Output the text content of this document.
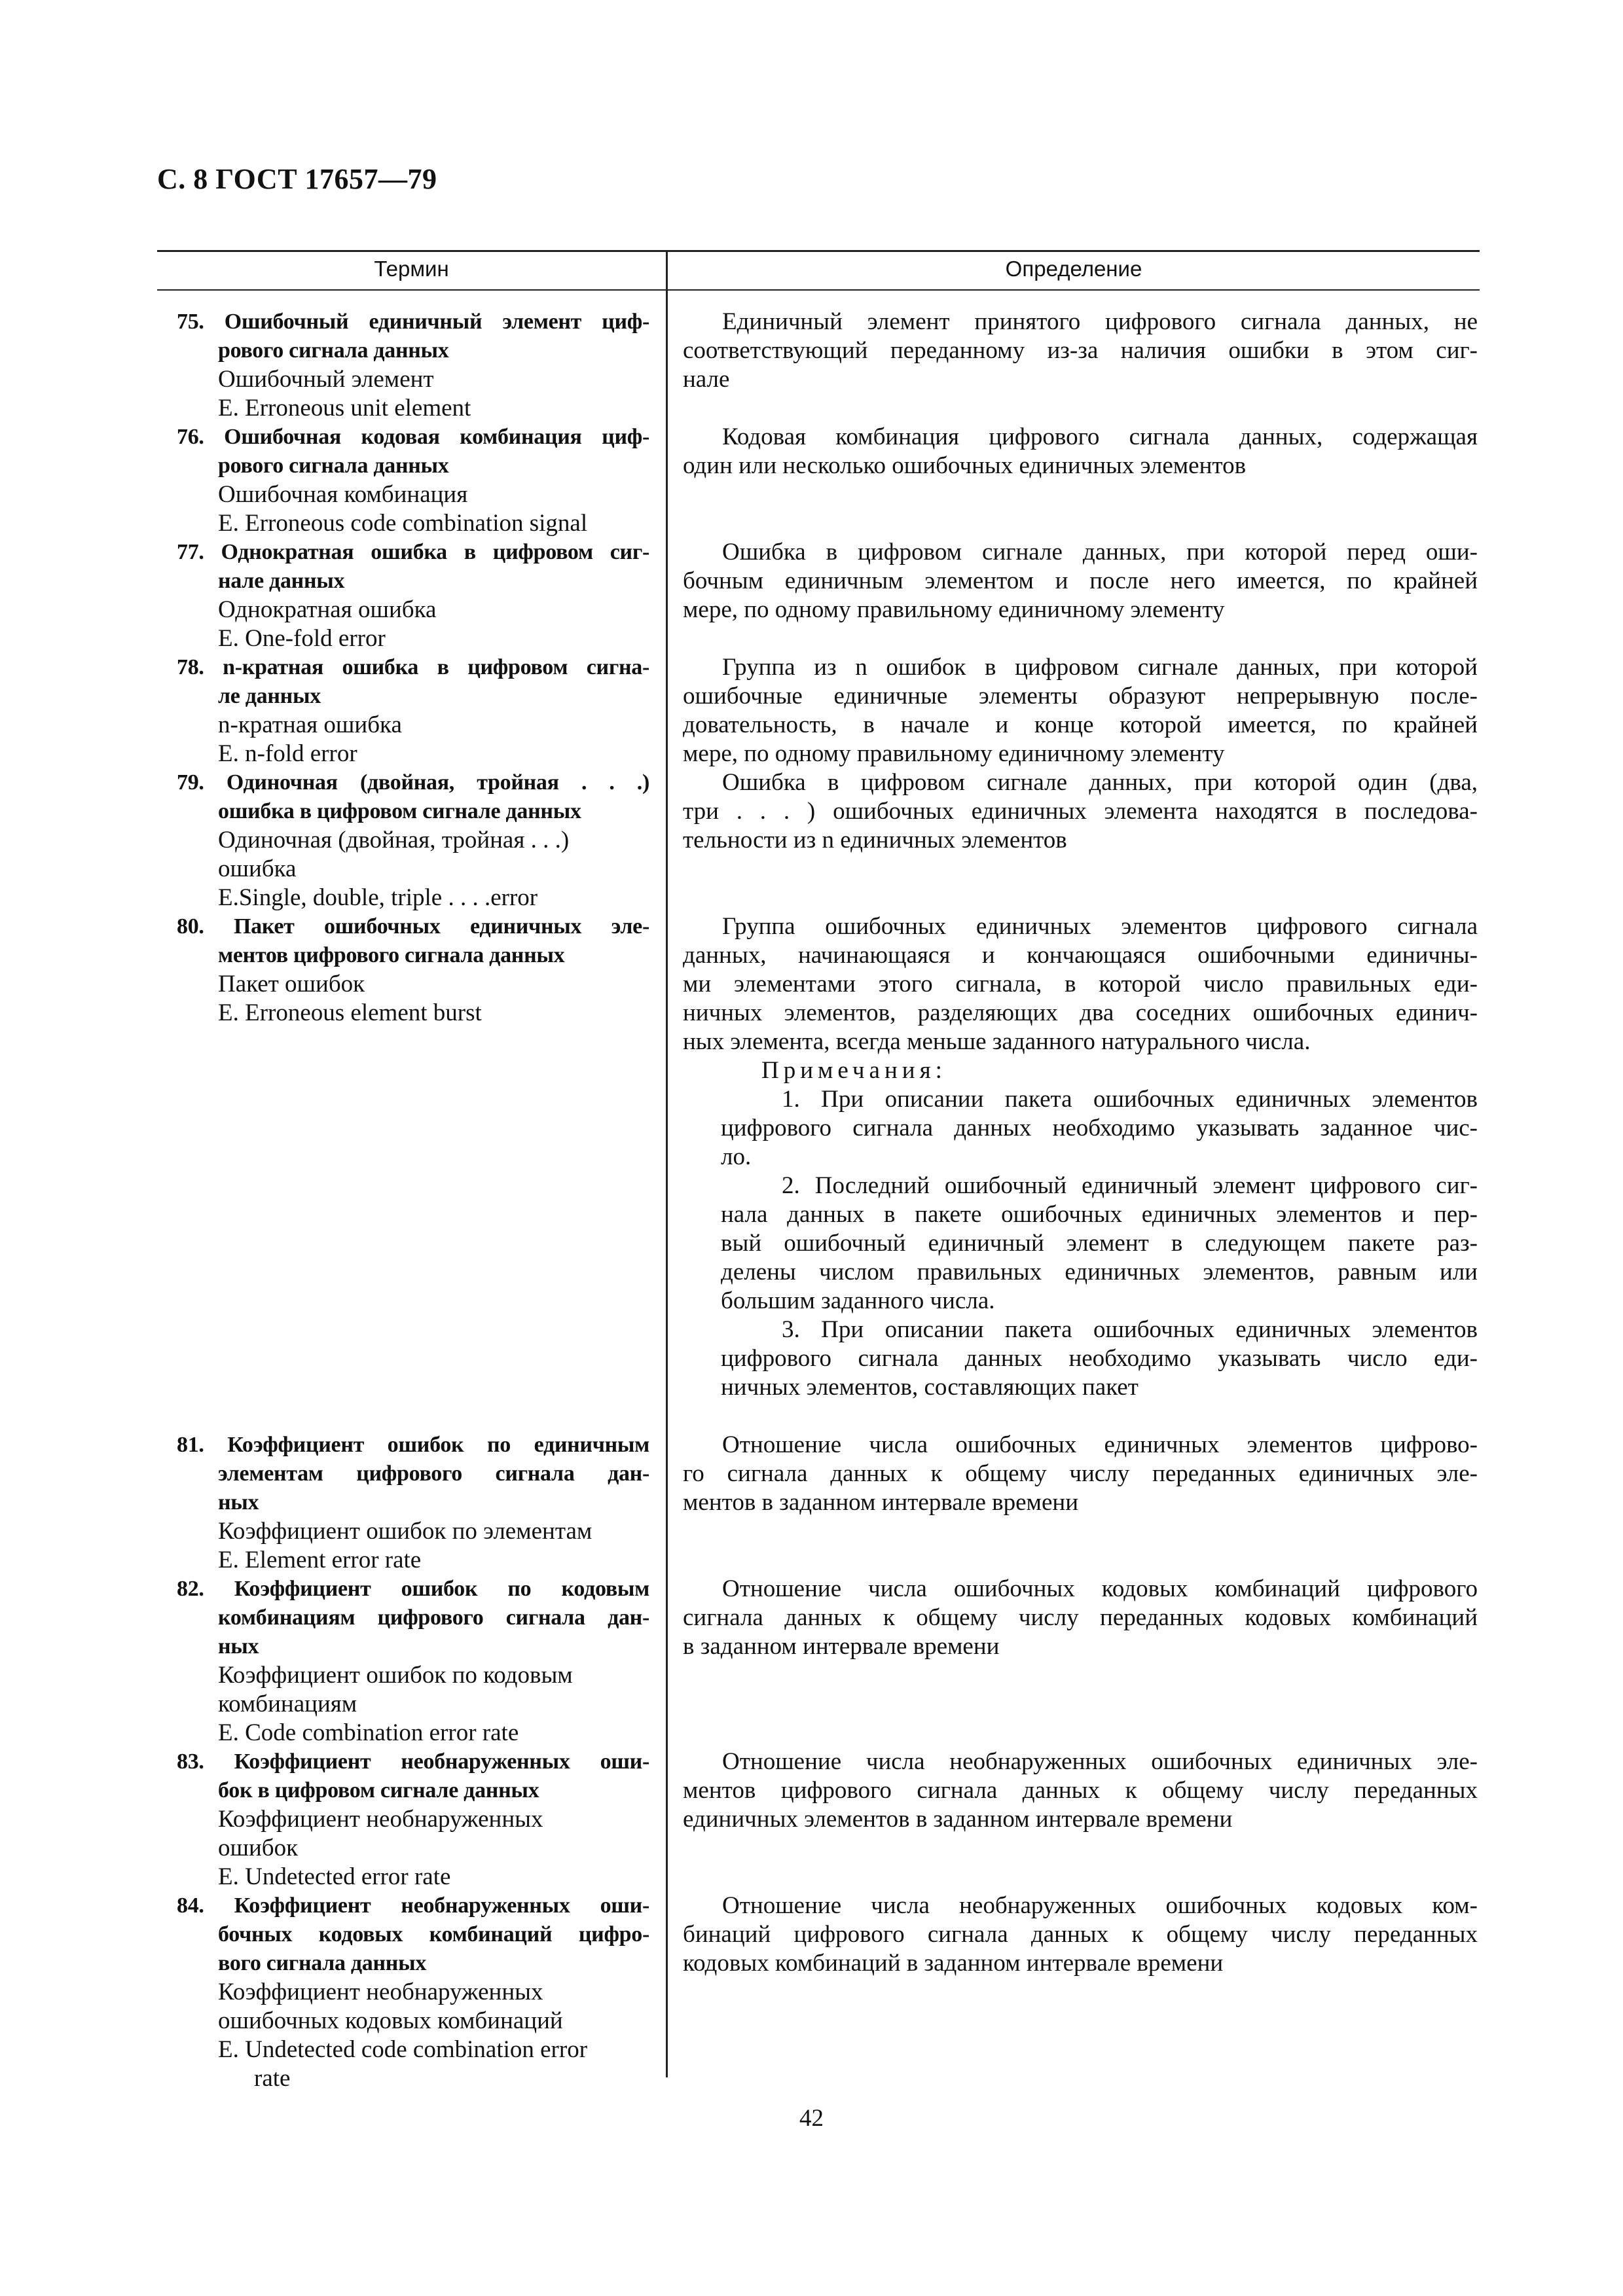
С. 8 ГОСТ 17657—79
Термин	Определение
75. Ошибочный единичный элемент циф-
рового сигнала данных
Ошибочный элемент
E. Erroneous unit element
76. Ошибочная кодовая комбинация циф-
рового сигнала данных
Ошибочная комбинация
E. Erroneous code combination signal
77. Однократная ошибка в цифровом сиг-
нале данных
Однократная ошибка
E. One-fold error
78. n-кратная ошибка в цифровом сигна-
ле данных
n-кратная ошибка
E. n-fold error
79. Одиночная (двойная, тройная . . .)
ошибка в цифровом сигнале данных
Одиночная (двойная, тройная . . .)
ошибка
E.Single, double, triple . . . .error
80. Пакет ошибочных единичных эле-
ментов цифрового сигнала данных
Пакет ошибок
E. Erroneous element burst
81. Коэффициент ошибок по единичным
элементам цифрового сигнала дан-
ных
Коэффициент ошибок по элементам
E. Element error rate
82. Коэффициент ошибок по кодовым
комбинациям цифрового сигнала дан-
ных
Коэффициент ошибок по кодовым
комбинациям
E. Code combination error rate
83. Коэффициент необнаруженных оши-
бок в цифровом сигнале данных
Коэффициент необнаруженных
ошибок
E. Undetected error rate
84. Коэффициент необнаруженных оши-
бочных кодовых комбинаций цифро-
вого сигнала данных
Коэффициент необнаруженных
ошибочных кодовых комбинаций
E. Undetected code combination error
rate
Единичный элемент принятого цифрового сигнала данных, не
соответствующий переданному из-за наличия ошибки в этом сиг-
нале
Кодовая комбинация цифрового сигнала данных, содержащая
один или несколько ошибочных единичных элементов
Ошибка в цифровом сигнале данных, при которой перед оши-
бочным единичным элементом и после него имеется, по крайней
мере, по одному правильному единичному элементу
Группа из n ошибок в цифровом сигнале данных, при которой
ошибочные единичные элементы образуют непрерывную после-
довательность, в начале и конце которой имеется, по крайней
мере, по одному правильному единичному элементу
Ошибка в цифровом сигнале данных, при которой один (два,
три . . . ) ошибочных единичных элемента находятся в последова-
тельности из n единичных элементов
Группа ошибочных единичных элементов цифрового сигнала
данных, начинающаяся и кончающаяся ошибочными единичны-
ми элементами этого сигнала, в которой число правильных еди-
ничных элементов, разделяющих два соседних ошибочных единич-
ных элемента, всегда меньше заданного натурального числа.
Примечания:
1. При описании пакета ошибочных единичных элементов
цифрового сигнала данных необходимо указывать заданное чис-
ло.
2. Последний ошибочный единичный элемент цифрового сиг-
нала данных в пакете ошибочных единичных элементов и пер-
вый ошибочный единичный элемент в следующем пакете раз-
делены числом правильных единичных элементов, равным или
большим заданного числа.
3. При описании пакета ошибочных единичных элементов
цифрового сигнала данных необходимо указывать число еди-
ничных элементов, составляющих пакет
Отношение числа ошибочных единичных элементов цифрово-
го сигнала данных к общему числу переданных единичных эле-
ментов в заданном интервале времени
Отношение числа ошибочных кодовых комбинаций цифрового
сигнала данных к общему числу переданных кодовых комбинаций
в заданном интервале времени
Отношение числа необнаруженных ошибочных единичных эле-
ментов цифрового сигнала данных к общему числу переданных
единичных элементов в заданном интервале времени
Отношение числа необнаруженных ошибочных кодовых ком-
бинаций цифрового сигнала данных к общему числу переданных
кодовых комбинаций в заданном интервале времени
42
